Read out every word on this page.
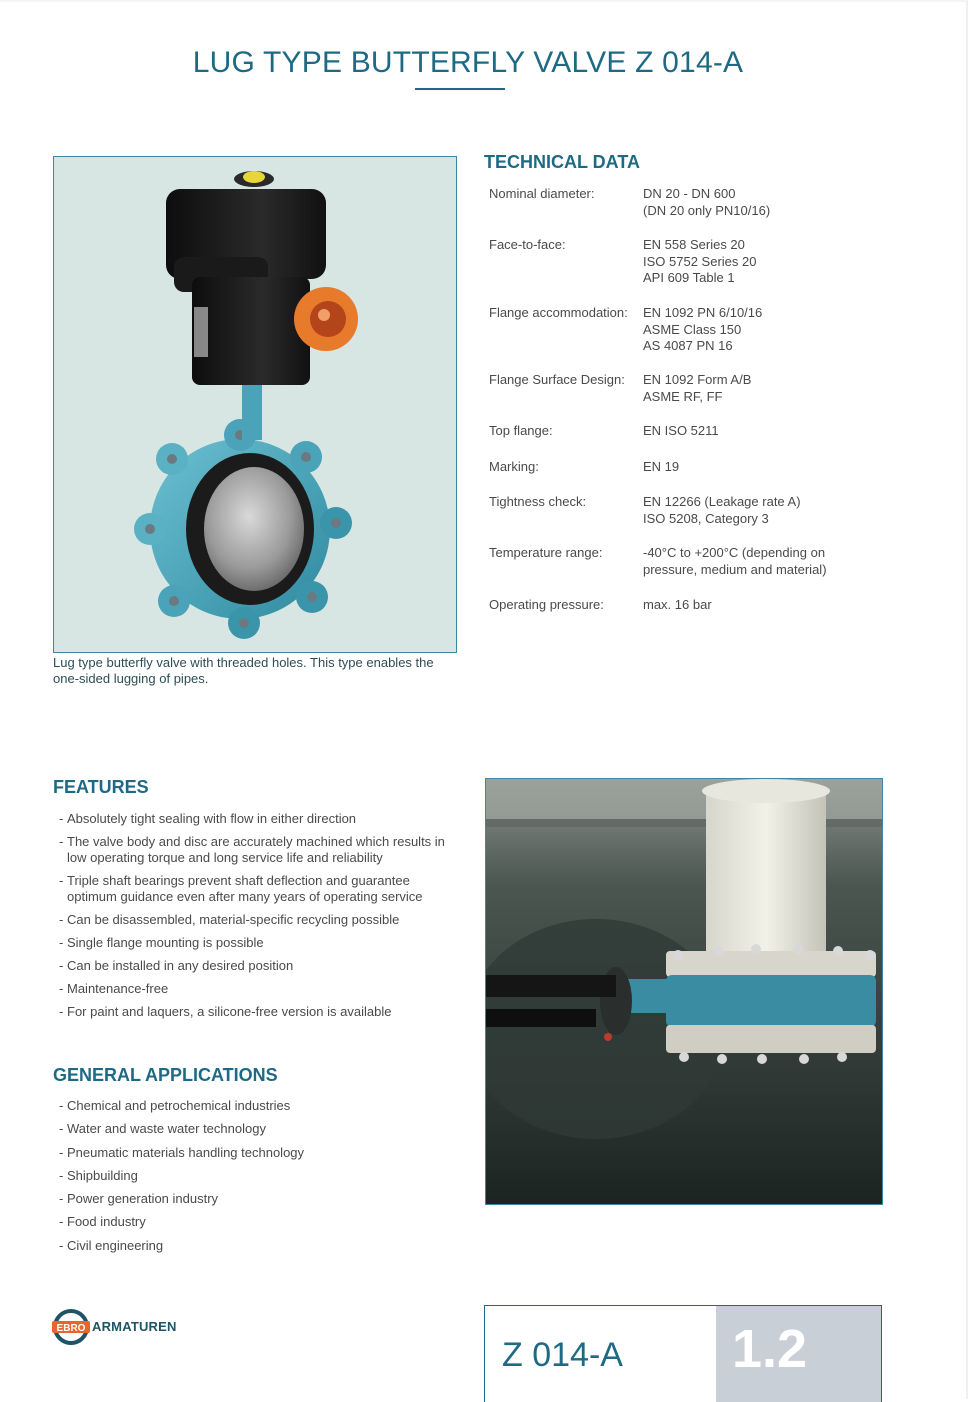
LUG TYPE BUTTERFLY VALVE Z 014-A
Lug type butterfly valve with threaded holes. This type enables the one-sided lugging of pipes.
TECHNICAL DATA
Nominal diameter:	DN 20 - DN 600
(DN 20 only PN10/16)
Face-to-face:	EN 558 Series 20
ISO 5752 Series 20
API 609 Table 1
Flange accommodation:	EN 1092 PN 6/10/16
ASME Class 150
AS 4087 PN 16
Flange Surface Design:	EN 1092 Form A/B
ASME RF, FF
Top flange:	EN ISO 5211
Marking:	EN 19
Tightness check:	EN 12266 (Leakage rate A)
ISO 5208, Category 3
Temperature range:	-40°C to +200°C (depending on
pressure, medium and material)
Operating pressure:	max. 16 bar
FEATURES
- Absolutely tight sealing with flow in either direction
- The valve body and disc are accurately machined which results in low operating torque and long service life and reliability
- Triple shaft bearings prevent shaft deflection and guarantee optimum guidance even after many years of operating service
- Can be disassembled, material-specific recycling possible
- Single flange mounting is possible
- Can be installed in any desired position
- Maintenance-free
- For paint and laquers, a silicone-free version is available
GENERAL APPLICATIONS
- Chemical and petrochemical industries
- Water and waste water technology
- Pneumatic materials handling technology
- Shipbuilding
- Power generation industry
- Food industry
- Civil engineering
EBRO ARMATUREN
Z 014-A 1.2
